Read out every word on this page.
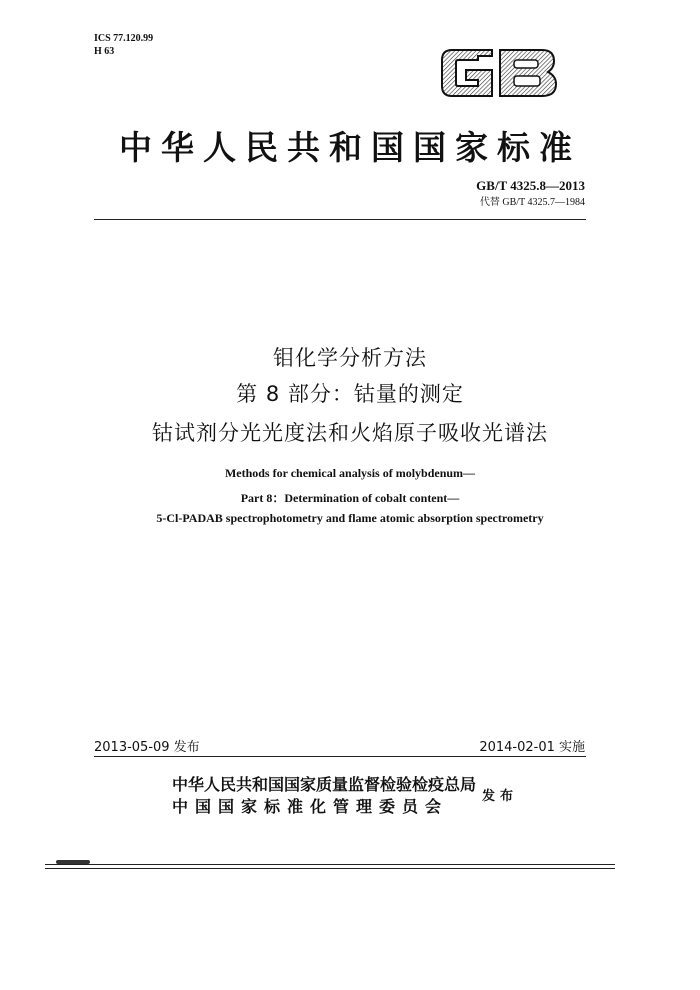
ICS 77.120.99
H 63
GB
中华人民共和国国家标准
GB/T 4325.8—2013
代替 GB/T 4325.7—1984
钼化学分析方法
第 8 部分：钴量的测定
钴试剂分光光度法和火焰原子吸收光谱法
Methods for chemical analysis of molybdenum—
Part 8：Determination of cobalt content—
5-Cl-PADAB spectrophotometry and flame atomic absorption spectrometry
2013-05-09 发布	2014-02-01 实施
中华人民共和国国家质量监督检验检疫总局
中国国家标准化管理委员会
发布
